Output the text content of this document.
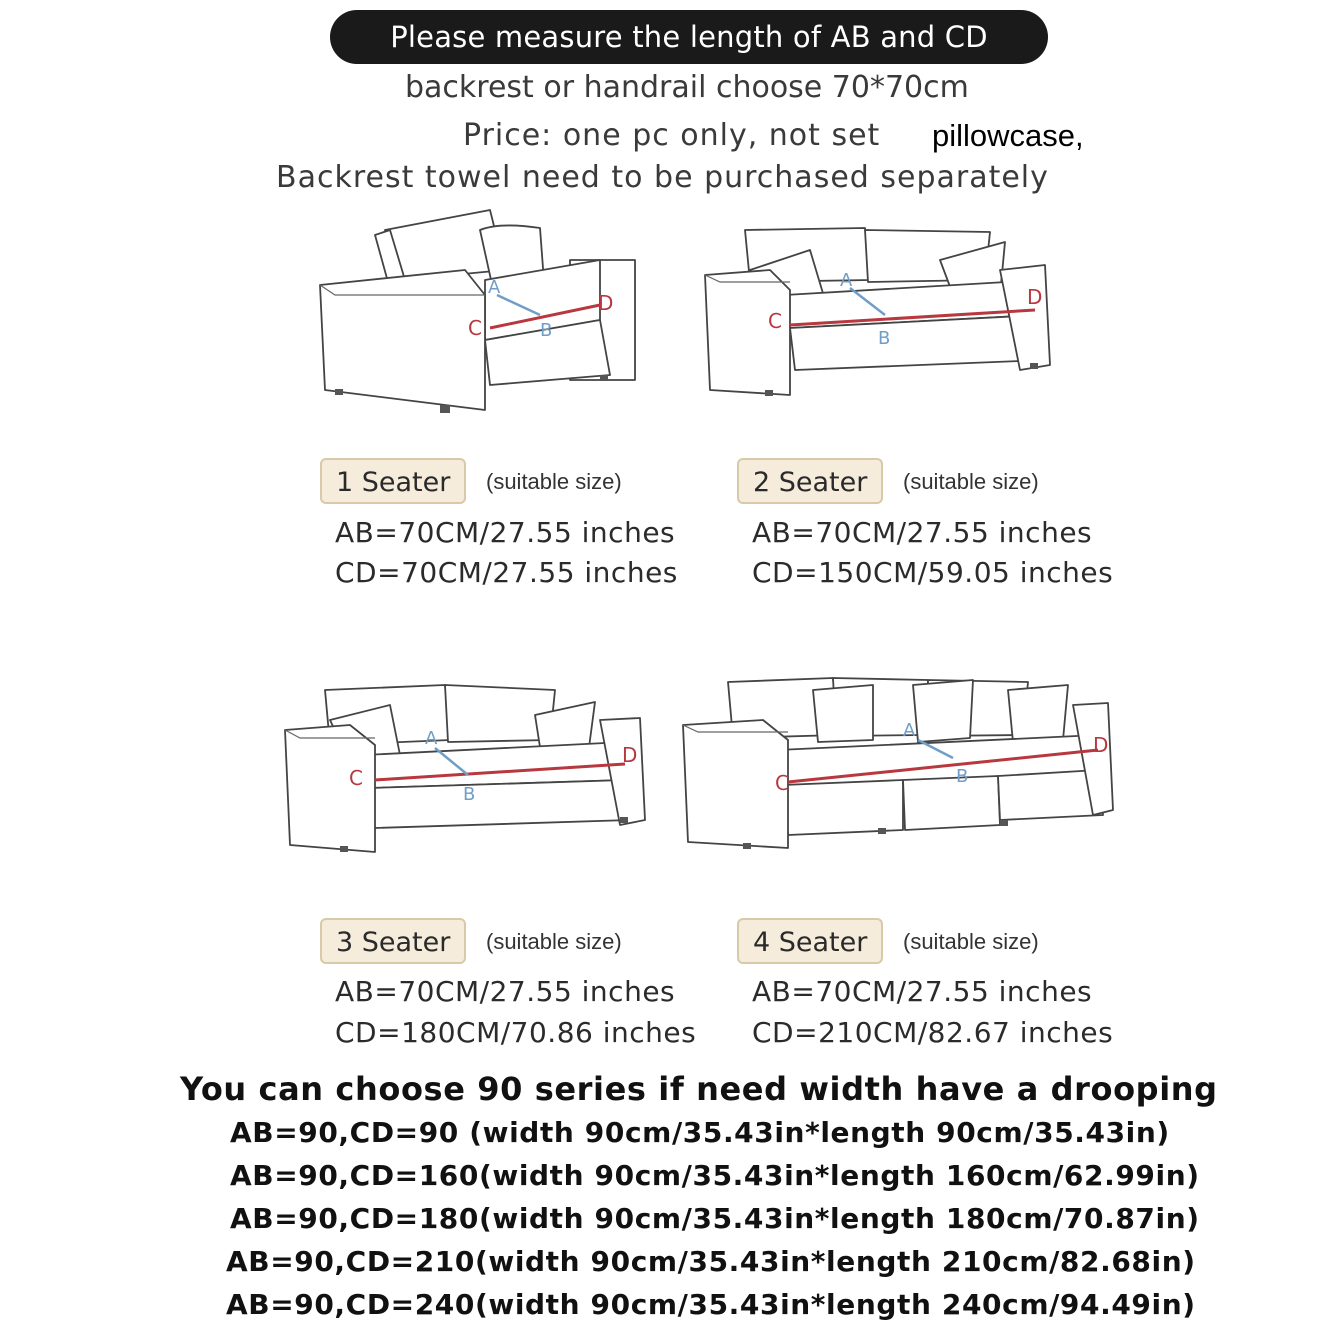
Please measure the length of AB and CD
backrest or handrail choose 70*70cm
Price: one pc only, not set pillowcase,
Backrest towel need to be purchased separately
A
B
C
D
A
B
C
D
A
B
C
D
A
B
C
D
1 Seater	(suitable size)
AB=70CM/27.55 inches
CD=70CM/27.55 inches
2 Seater	(suitable size)
AB=70CM/27.55 inches
CD=150CM/59.05 inches
3 Seater	(suitable size)
AB=70CM/27.55 inches
CD=180CM/70.86 inches
4 Seater	(suitable size)
AB=70CM/27.55 inches
CD=210CM/82.67 inches
You can choose 90 series if need width have a drooping
AB=90,CD=90 (width 90cm/35.43in*length 90cm/35.43in)
AB=90,CD=160(width 90cm/35.43in*length 160cm/62.99in)
AB=90,CD=180(width 90cm/35.43in*length 180cm/70.87in)
AB=90,CD=210(width 90cm/35.43in*length 210cm/82.68in)
AB=90,CD=240(width 90cm/35.43in*length 240cm/94.49in)
